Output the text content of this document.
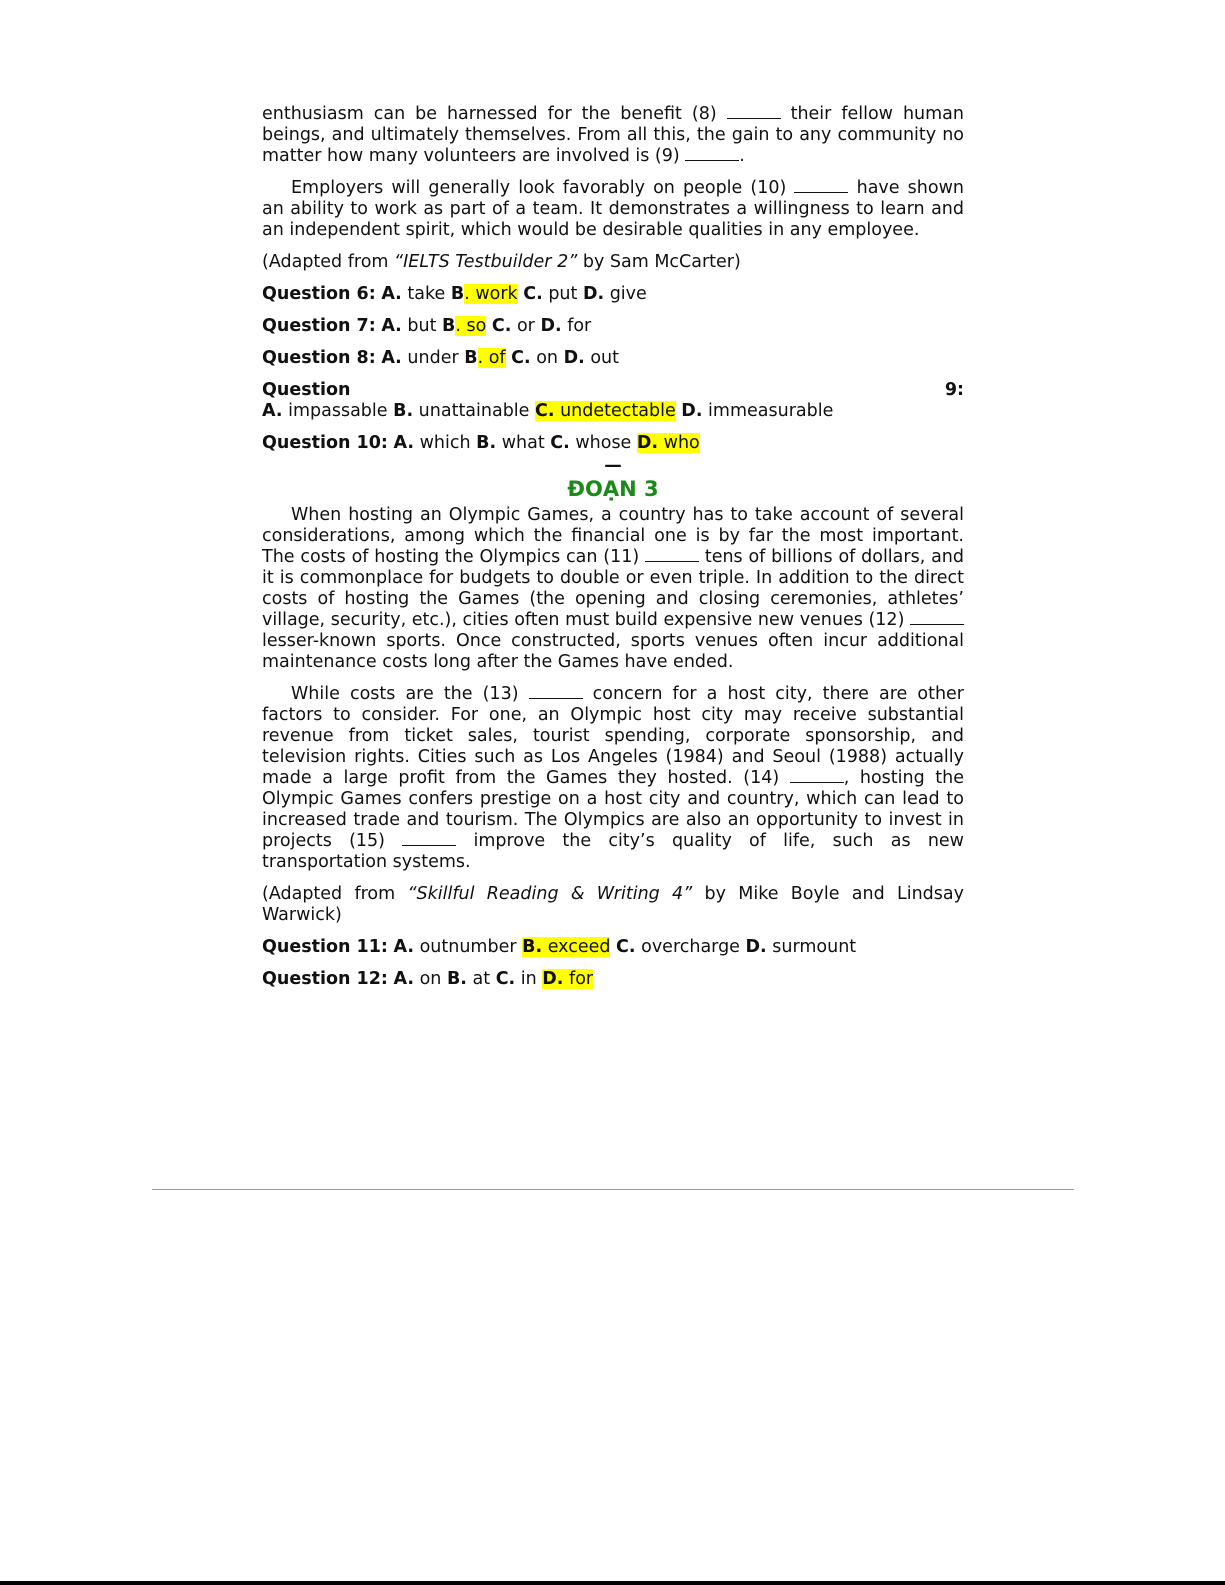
enthusiasm can be harnessed for the benefit (8)	their fellow human beings, and ultimately themselves. From all this, the gain to any community no matter how many volunteers are involved is (9)	.

Employers will generally look favorably on people (10)	have shown an ability to work as part of a team. It demonstrates a willingness to learn and an independent spirit, which would be desirable qualities in any employee.

(Adapted from “IELTS Testbuilder 2” by Sam McCarter)

Question 6: A. take B. work C. put D. give

Question 7: A. but B. so C. or D. for

Question 8: A. under B. of C. on D. out

Question	9:
A. impassable B. unattainable C. undetectable D. immeasurable

Question 10: A. which B. what C. whose D. who

—
ĐOẠN 3

When hosting an Olympic Games, a country has to take account of several considerations, among which the financial one is by far the most important. The costs of hosting the Olympics can (11)	tens of billions of dollars, and it is commonplace for budgets to double or even triple. In addition to the direct costs of hosting the Games (the opening and closing ceremonies, athletes’ village, security, etc.), cities often must build expensive new venues (12)  lesser-known sports. Once constructed, sports venues often incur additional maintenance costs long after the Games have ended.

While costs are the (13)	concern for a host city, there are other factors to consider. For one, an Olympic host city may receive substantial revenue from ticket sales, tourist spending, corporate sponsorship, and television rights. Cities such as Los Angeles (1984) and Seoul (1988) actually made a large profit from the Games they hosted. (14)	, hosting the Olympic Games confers prestige on a host city and country, which can lead to increased trade and tourism. The Olympics are also an opportunity to invest in projects (15)	improve the city’s quality of life, such as new transportation systems.

(Adapted from “Skillful Reading & Writing 4” by Mike Boyle and Lindsay Warwick)

Question 11: A. outnumber B. exceed C. overcharge D. surmount

Question 12: A. on B. at C. in D. for
